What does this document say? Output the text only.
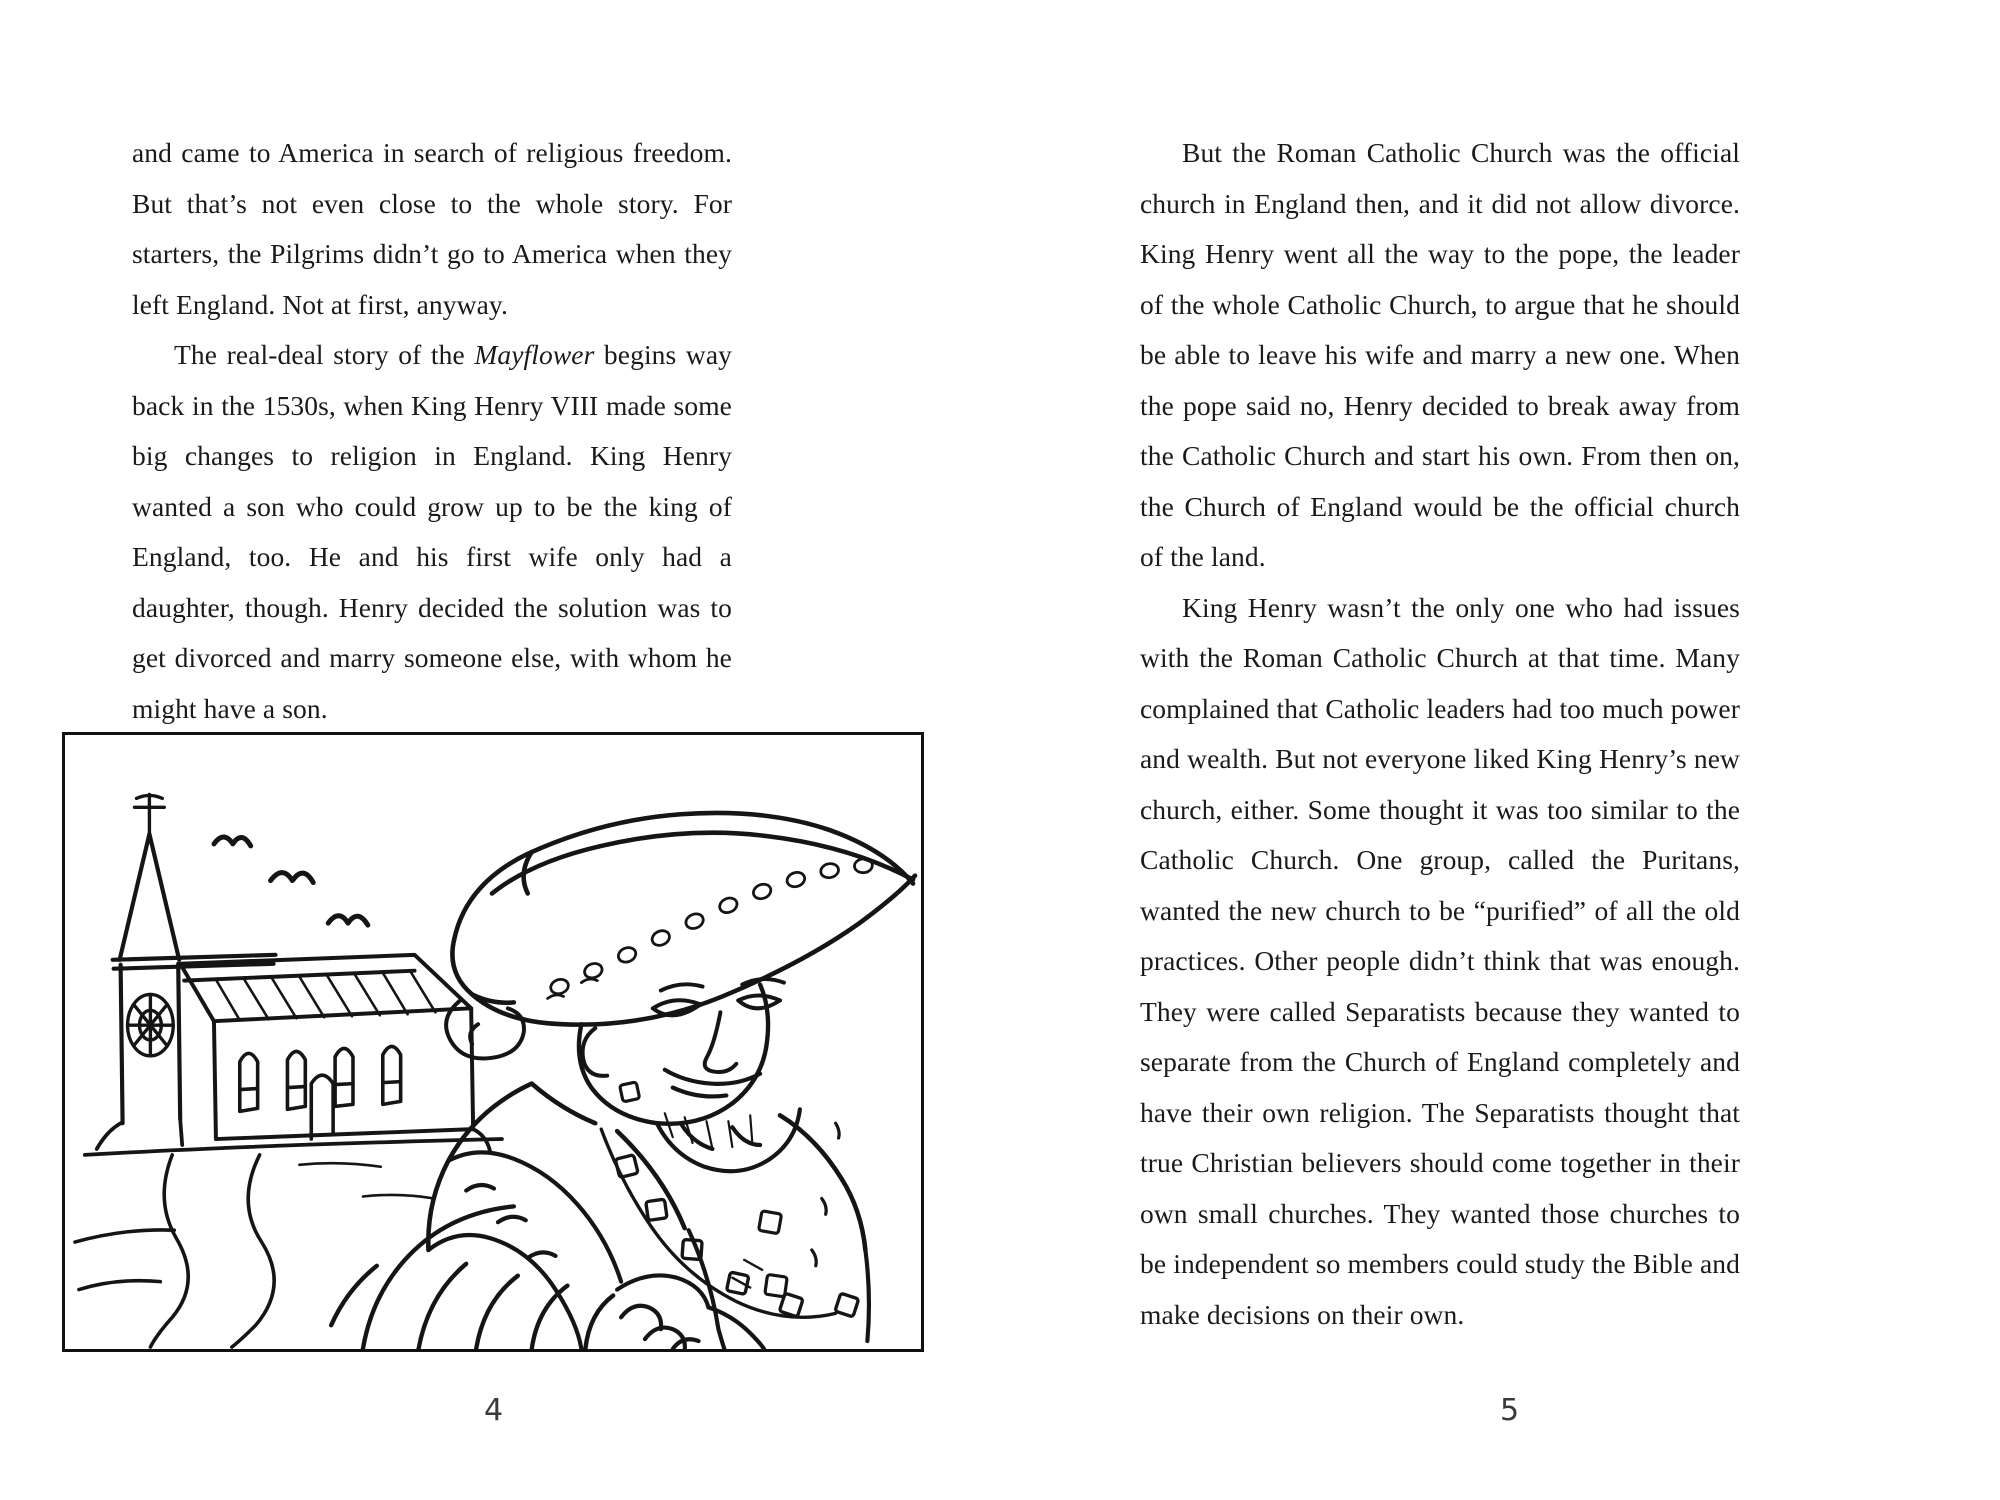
and came to America in search of religious freedom. But that’s not even close to the whole story. For starters, the Pilgrims didn’t go to America when they left England. Not at first, anyway.

The real-deal story of the Mayflower begins way back in the 1530s, when King Henry VIII made some big changes to religion in England. King Henry wanted a son who could grow up to be the king of England, too. He and his first wife only had a daughter, though. Henry decided the solution was to get divorced and marry someone else, with whom he might have a son.

4

But the Roman Catholic Church was the official church in England then, and it did not allow divorce. King Henry went all the way to the pope, the leader of the whole Catholic Church, to argue that he should be able to leave his wife and marry a new one. When the pope said no, Henry decided to break away from the Catholic Church and start his own. From then on, the Church of England would be the official church of the land.

King Henry wasn’t the only one who had issues with the Roman Catholic Church at that time. Many complained that Catholic leaders had too much power and wealth. But not everyone liked King Henry’s new church, either. Some thought it was too similar to the Catholic Church. One group, called the Puritans, wanted the new church to be “purified” of all the old practices. Other people didn’t think that was enough. They were called Separatists because they wanted to separate from the Church of England completely and have their own religion. The Separatists thought that true Christian believers should come together in their own small churches. They wanted those churches to be independent so members could study the Bible and make decisions on their own.

5
